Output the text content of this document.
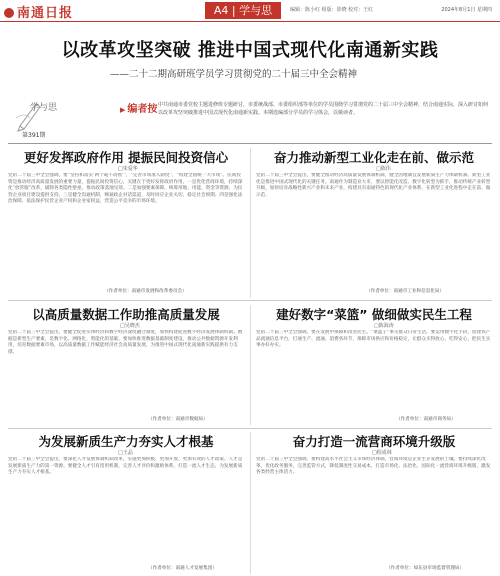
南通日报	A4 | 学与思	编辑：陈小红 组版：徐晓 校对：王红	2024年8月1日 星期四
以改革攻坚突破 推进中国式现代化南通新实践
——二十二期高研班学员学习贯彻党的二十届三中全会精神
学与思
第391期
▶ 编者按 中共南通市委党校主题进修班专题研讨，市委统战部、市委组织部等单位的学员围绕学习贯彻党的二十届三中全会精神，结合南通实际，深入研讨如何以改革攻坚突破推进中国式现代化南通新实践。本期选编部分学员的学习体会，以飨读者。
更好发挥政府作用 提振民间投资信心
□朱爱华
党的二十届三中全会强调，要“坚持和落实‘两个毫不动摇’”，“完善市场准入制度”，“构建全国统一大市场”。民间投资是推动经济高质量发展的重要力量，提振民间投资信心，关键在于更好发挥政府作用。一是优化营商环境，持续深化“放管服”改革，破除各类隐性壁垒，推动政策落地见效。二是加强要素保障，统筹用地、用能、资金等资源，为民营企业项目建设提供支持。三是健全沟通机制，畅通政企对话渠道，及时回应企业关切，稳定社会预期。四是强化法治保障，依法保护民营企业产权和企业家权益，营造公平竞争的市场环境。
（作者单位：南通市发展和改革委员会）
奋力推动新型工业化走在前、做示范
□陈伟
党的二十届三中全会提出，要健全推动经济高质量发展体制机制，健全因地制宜发展新质生产力体制机制。新型工业化是推进中国式现代化的关键任务。南通作为制造业大市，要以智能化改造、数字化转型为抓手，推动传统产业转型升级，加快培育战略性新兴产业和未来产业，构建具有南通特色的现代化产业体系，在新型工业化进程中走在前、做示范。
（作者单位：南通市工业和信息化局）
以高质量数据工作助推高质量发展
□吴晓杰
党的二十届三中全会提出，要健全促进实体经济和数字经济深度融合制度，加快构建促进数字经济发展体制机制。数据是新型生产要素，是数字化、网络化、智能化的基础。要加快推进数据基础制度建设，推动公共数据资源开发利用，培育数据要素市场，以高质量数据工作赋能经济社会高质量发展，为推进中国式现代化南通新实践提供有力支撑。
（作者单位：南通市数据局）
建好数字“菜篮” 做细做实民生工程
□陈海涛
党的二十届三中全会强调，要在发展中保障和改善民生。“菜篮子”事关群众日常生活。要运用数字化手段，搭建农产品流通信息平台，打通生产、流通、消费各环节，保障市场供应和价格稳定，让群众买得放心、吃得安心，把民生实事办好办实。
（作者单位：南通市商务局）
为发展新质生产力夯实人才根基
□王晶
党的二十届三中全会提出，要深化人才发展体制机制改革，实施更加积极、更加开放、更加有效的人才政策。人才是发展新质生产力的第一资源。要健全人才引育留用机制，完善人才评价和激励体系，打造一流人才生态，为发展新质生产力夯实人才根基。
（作者单位：南通人才发展集团）
奋力打造一流营商环境升级版
□程成林
党的二十届三中全会强调，要构建高水平社会主义市场经济体制。营商环境是企业生存发展的土壤。要持续深化改革，优化政务服务，完善监管方式，降低制度性交易成本，打造市场化、法治化、国际化一流营商环境升级版，激发各类经营主体活力。
（作者单位：如东县市场监督管理局）
